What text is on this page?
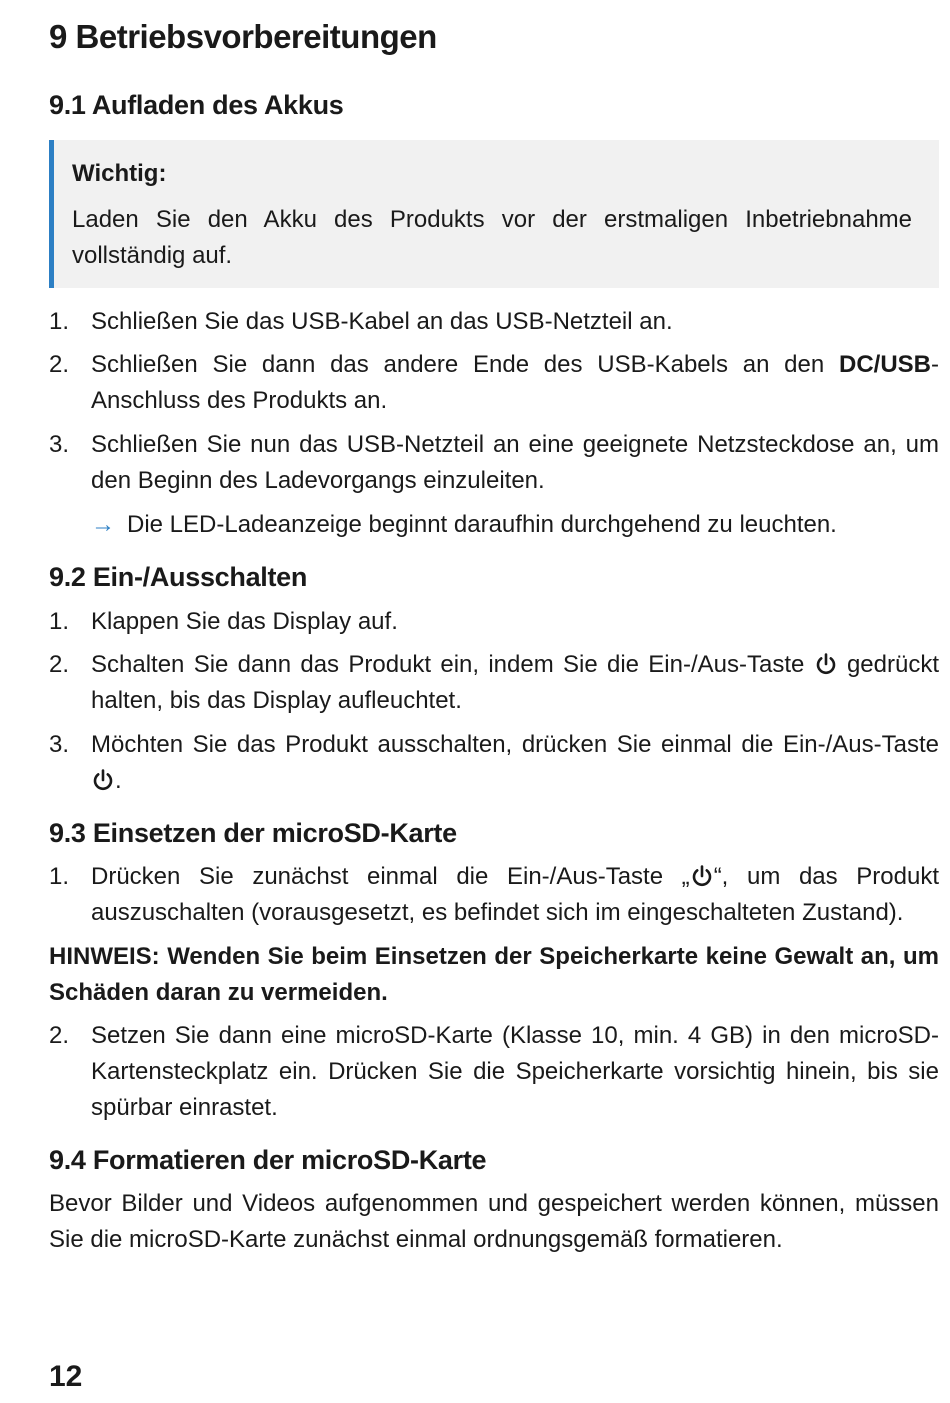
9 Betriebsvorbereitungen
9.1 Aufladen des Akkus
Wichtig:
Laden Sie den Akku des Produkts vor der erstmaligen Inbetriebnahme vollständig auf.
1. Schließen Sie das USB-Kabel an das USB-Netzteil an.
2. Schließen Sie dann das andere Ende des USB-Kabels an den DC/USB-Anschluss des Produkts an.
3. Schließen Sie nun das USB-Netzteil an eine geeignete Netzsteckdose an, um den Beginn des Ladevorgangs einzuleiten.
→ Die LED-Ladeanzeige beginnt daraufhin durchgehend zu leuchten.
9.2 Ein-/Ausschalten
1. Klappen Sie das Display auf.
2. Schalten Sie dann das Produkt ein, indem Sie die Ein-/Aus-Taste  gedrückt halten, bis das Display aufleuchtet.
3. Möchten Sie das Produkt ausschalten, drücken Sie einmal die Ein-/Aus-Taste .
9.3 Einsetzen der microSD-Karte
1. Drücken Sie zunächst einmal die Ein-/Aus-Taste „ “, um das Produkt auszuschalten (vorausgesetzt, es befindet sich im eingeschalteten Zustand).
HINWEIS: Wenden Sie beim Einsetzen der Speicherkarte keine Gewalt an, um Schäden daran zu vermeiden.
2. Setzen Sie dann eine microSD-Karte (Klasse 10, min. 4 GB) in den microSD-Kartensteckplatz ein. Drücken Sie die Speicherkarte vorsichtig hinein, bis sie spürbar einrastet.
9.4 Formatieren der microSD-Karte
Bevor Bilder und Videos aufgenommen und gespeichert werden können, müssen Sie die microSD-Karte zunächst einmal ordnungsgemäß formatieren.
12
